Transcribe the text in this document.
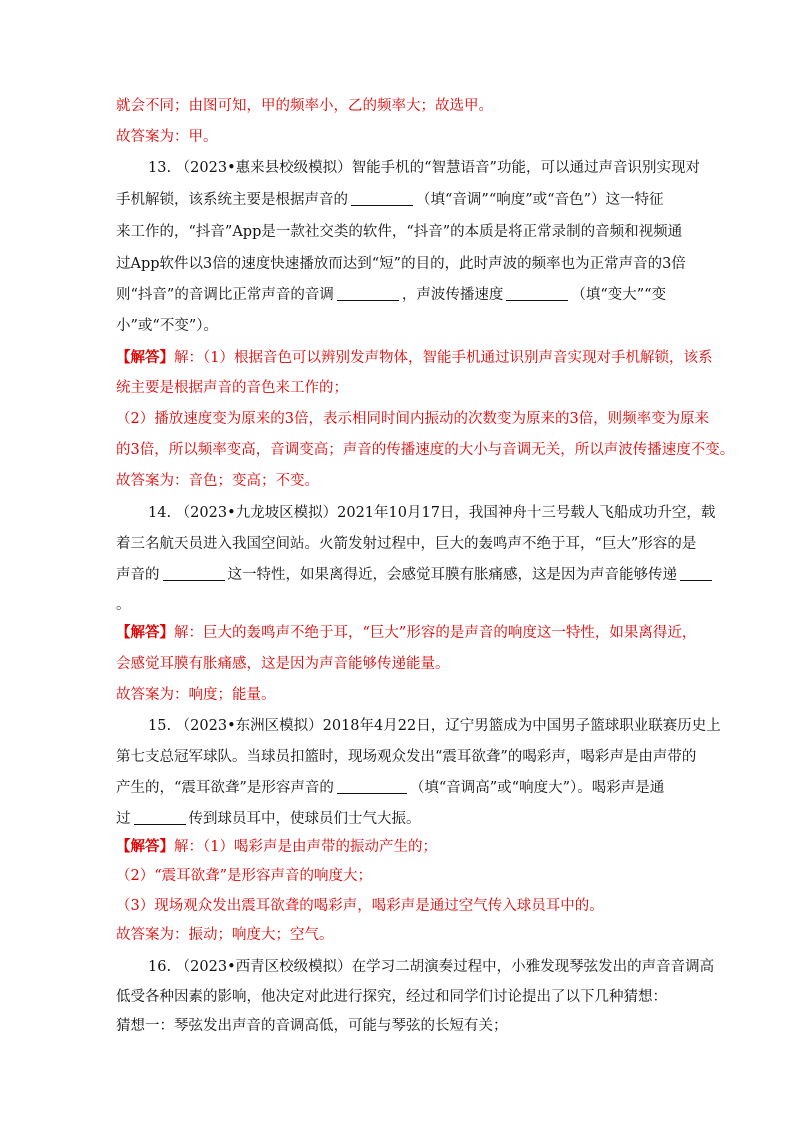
就会不同；由图可知，甲的频率小，乙的频率大；故选甲。
故答案为：甲。
13. （2023•惠来县校级模拟）智能手机的“智慧语音”功能，可以通过声音识别实现对
手机解锁，该系统主要是根据声音的	（填“音调”“响度”或“音色”）这一特征
来工作的，“抖音”App是一款社交类的软件，“抖音”的本质是将正常录制的音频和视频通
过App软件以3倍的速度快速播放而达到“短”的目的，此时声波的频率也为正常声音的3倍
则“抖音”的音调比正常声音的音调	，声波传播速度	（填“变大”“变
小”或“不变”）。
【解答】解：（1）根据音色可以辨别发声物体，智能手机通过识别声音实现对手机解锁，该系
统主要是根据声音的音色来工作的；
（2）播放速度变为原来的3倍，表示相同时间内振动的次数变为原来的3倍，则频率变为原来
的3倍，所以频率变高，音调变高；声音的传播速度的大小与音调无关，所以声波传播速度不变。
故答案为：音色；变高；不变。
14. （2023•九龙坡区模拟）2021年10月17日，我国神舟十三号载人飞船成功升空，载
着三名航天员进入我国空间站。火箭发射过程中，巨大的轰鸣声不绝于耳，“巨大”形容的是
声音的	这一特性，如果离得近，会感觉耳膜有胀痛感，这是因为声音能够传递
。
【解答】解：巨大的轰鸣声不绝于耳，“巨大”形容的是声音的响度这一特性，如果离得近，
会感觉耳膜有胀痛感，这是因为声音能够传递能量。
故答案为：响度；能量。
15. （2023•东洲区模拟）2018年4月22日，辽宁男篮成为中国男子篮球职业联赛历史上
第七支总冠军球队。当球员扣篮时，现场观众发出“震耳欲聋”的喝彩声，喝彩声是由声带的
产生的，“震耳欲聋”是形容声音的	（填“音调高”或“响度大”）。喝彩声是通
过	传到球员耳中，使球员们士气大振。
【解答】解：（1）喝彩声是由声带的振动产生的；
（2）“震耳欲聋”是形容声音的响度大；
（3）现场观众发出震耳欲聋的喝彩声，喝彩声是通过空气传入球员耳中的。
故答案为：振动；响度大；空气。
16. （2023•西青区校级模拟）在学习二胡演奏过程中，小雅发现琴弦发出的声音音调高
低受各种因素的影响，他决定对此进行探究，经过和同学们讨论提出了以下几种猜想：
猜想一：琴弦发出声音的音调高低，可能与琴弦的长短有关；
